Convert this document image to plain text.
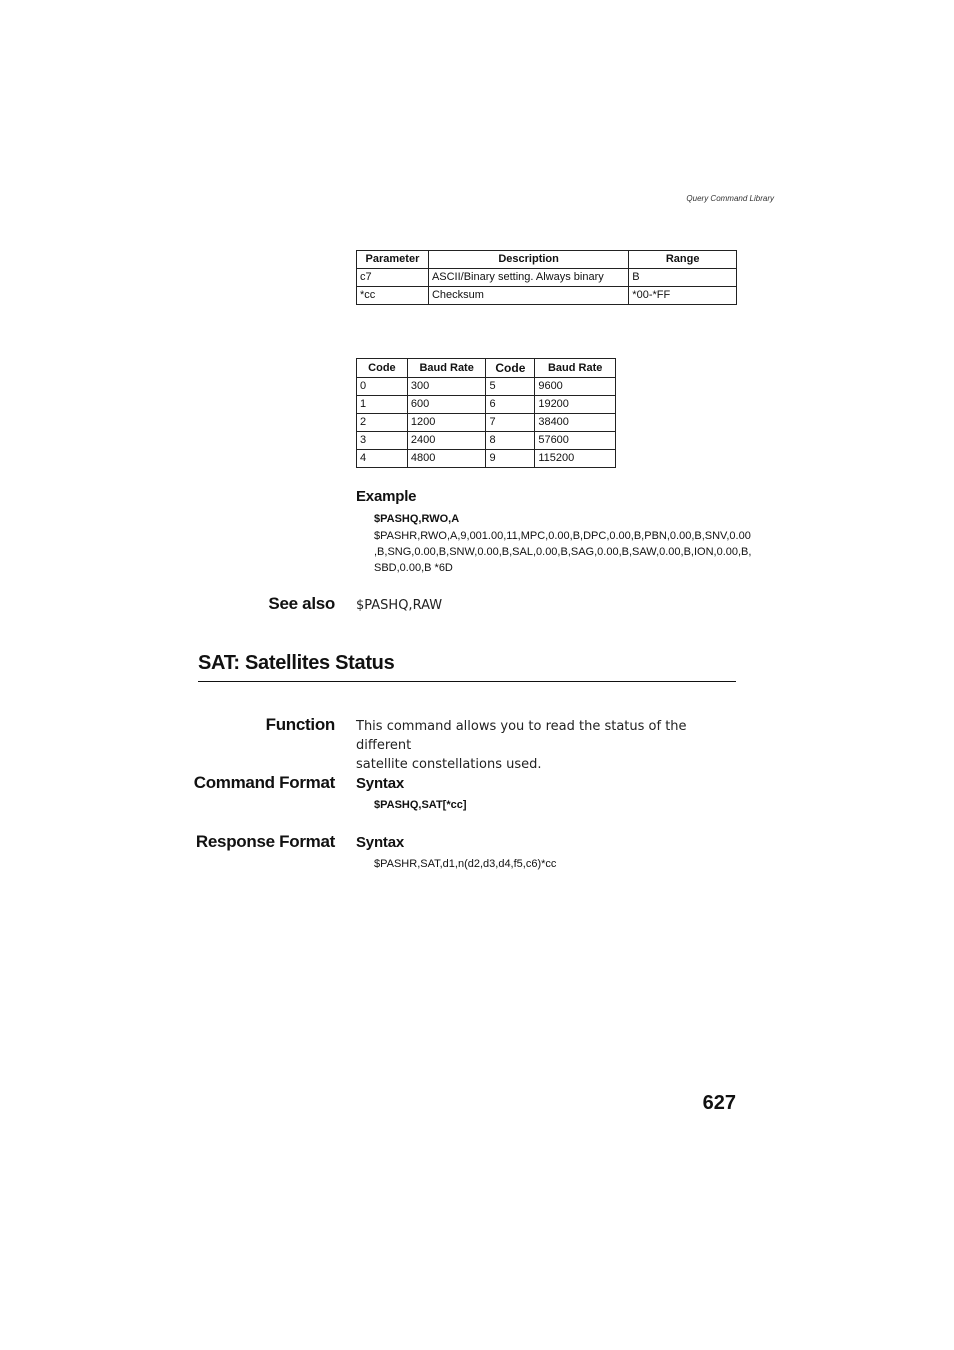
Query Command Library
Parameter	Description	Range
c7	ASCII/Binary setting. Always binary	B
*cc	Checksum	*00-*FF
Code	Baud Rate	Code	Baud Rate
0	300	5	9600
1	600	6	19200
2	1200	7	38400
3	2400	8	57600
4	4800	9	115200
Example
$PASHQ,RWO,A
$PASHR,RWO,A,9,001.00,11,MPC,0.00,B,DPC,0.00,B,PBN,0.00,B,SNV,0.00
,B,SNG,0.00,B,SNW,0.00,B,SAL,0.00,B,SAG,0.00,B,SAW,0.00,B,ION,0.00,B,
SBD,0.00,B *6D
See also $PASHQ,RAW
SAT: Satellites Status
Function This command allows you to read the status of the different
satellite constellations used.
Command Format Syntax
$PASHQ,SAT[*cc]
Response Format Syntax
$PASHR,SAT,d1,n(d2,d3,d4,f5,c6)*cc
627
